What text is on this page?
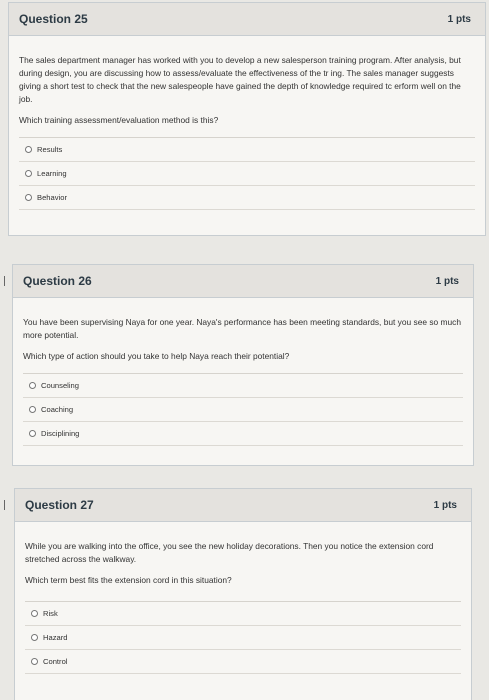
Question 25	1 pts

The sales department manager has worked with you to develop a new salesperson training program. After analysis, but during design, you are discussing how to assess/evaluate the effectiveness of the tr ing. The sales manager suggests giving a short test to check that the new salespeople have gained the depth of knowledge required tc erform well on the job.

Which training assessment/evaluation method is this?

Results
Learning
Behavior
Question 26	1 pts

You have been supervising Naya for one year. Naya's performance has been meeting standards, but you see so much more potential.

Which type of action should you take to help Naya reach their potential?

Counseling
Coaching
Disciplining
Question 27	1 pts

While you are walking into the office, you see the new holiday decorations. Then you notice the extension cord stretched across the walkway.

Which term best fits the extension cord in this situation?

Risk
Hazard
Control
